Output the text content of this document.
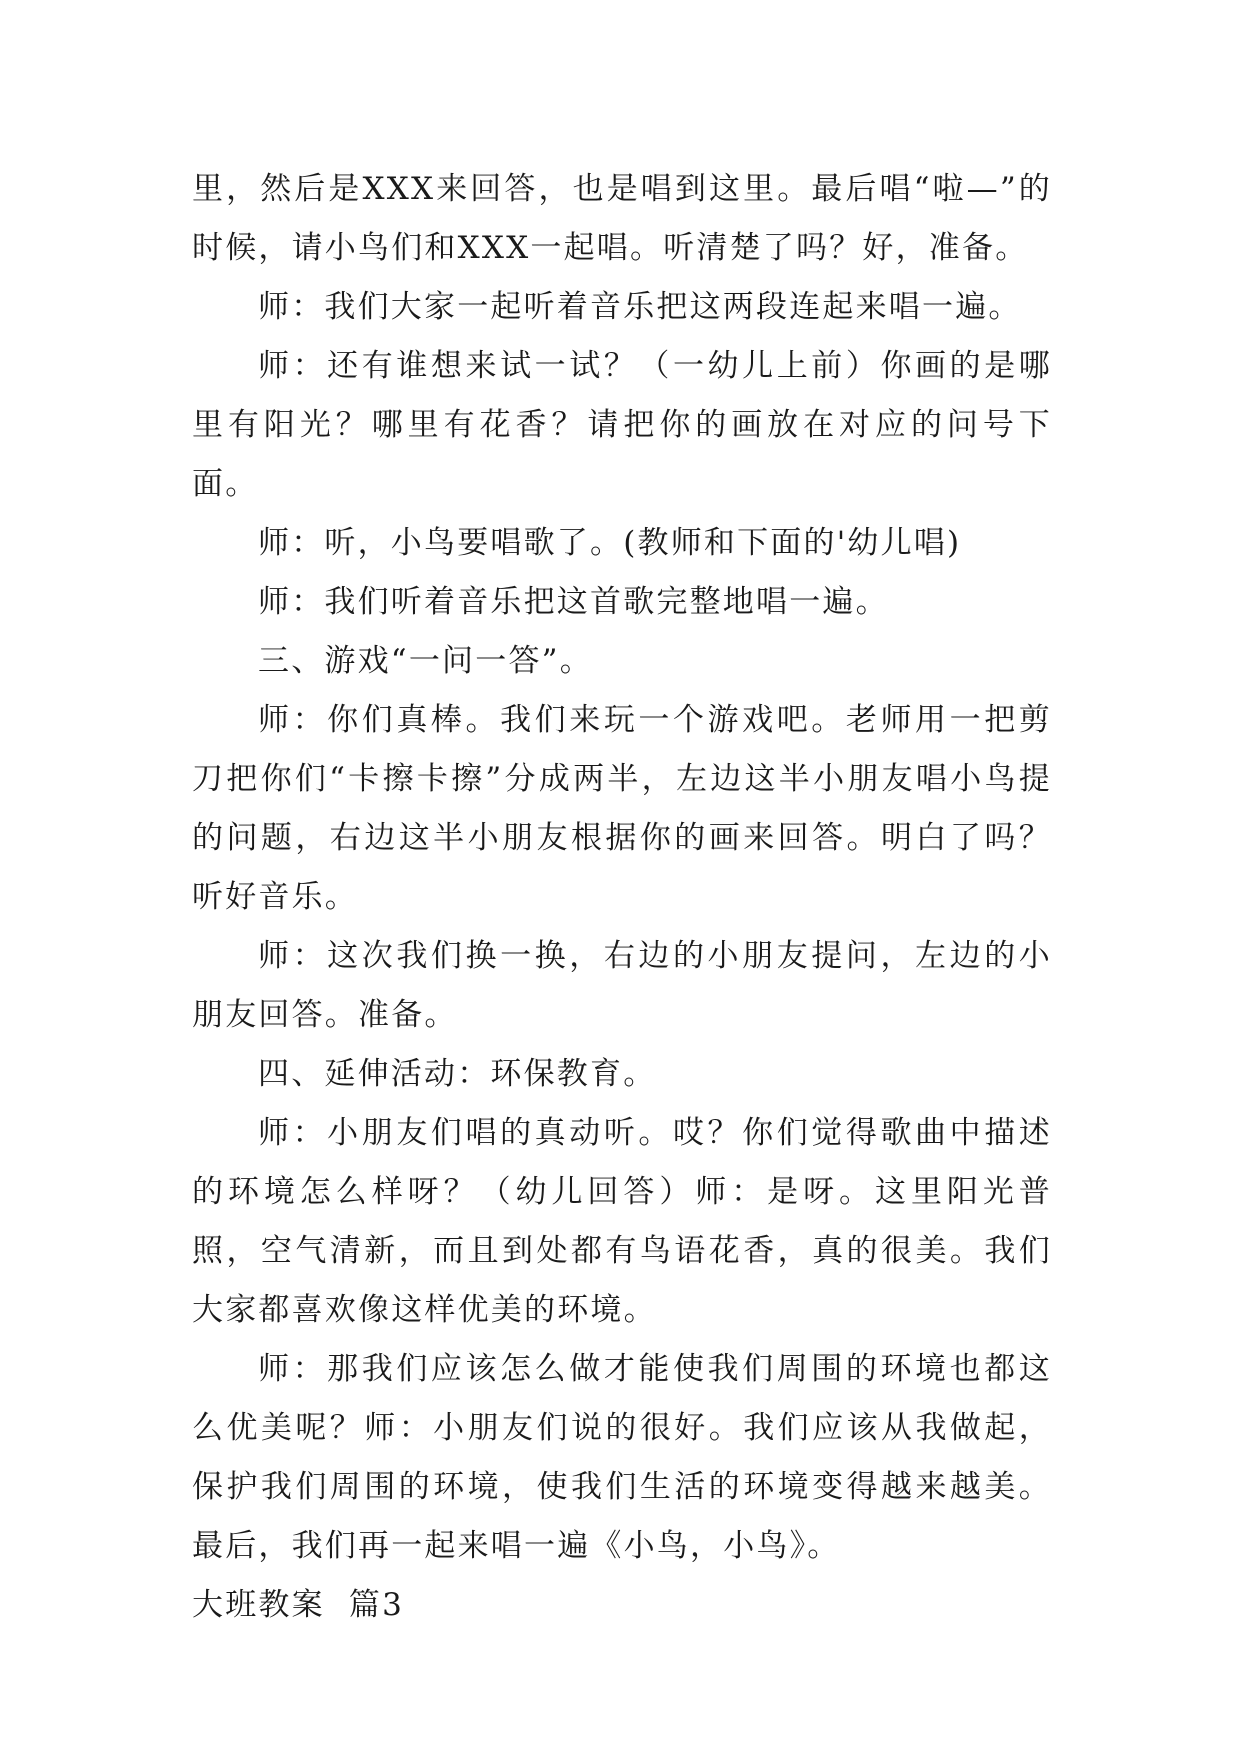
里，然后是XXX来回答，也是唱到这里。最后唱“啦—”的时候，请小鸟们和XXX一起唱。听清楚了吗？好，准备。

师：我们大家一起听着音乐把这两段连起来唱一遍。

师：还有谁想来试一试？（一幼儿上前）你画的是哪里有阳光？哪里有花香？请把你的画放在对应的问号下面。

师：听，小鸟要唱歌了。(教师和下面的'幼儿唱)

师：我们听着音乐把这首歌完整地唱一遍。

三、游戏“一问一答”。

师：你们真棒。我们来玩一个游戏吧。老师用一把剪刀把你们“卡擦卡擦”分成两半，左边这半小朋友唱小鸟提的问题，右边这半小朋友根据你的画来回答。明白了吗？听好音乐。

师：这次我们换一换，右边的小朋友提问，左边的小朋友回答。准备。

四、延伸活动：环保教育。

师：小朋友们唱的真动听。哎？你们觉得歌曲中描述的环境怎么样呀？（幼儿回答）师：是呀。这里阳光普照，空气清新，而且到处都有鸟语花香，真的很美。我们大家都喜欢像这样优美的环境。

师：那我们应该怎么做才能使我们周围的环境也都这么优美呢？师：小朋友们说的很好。我们应该从我做起，保护我们周围的环境，使我们生活的环境变得越来越美。最后，我们再一起来唱一遍《小鸟，小鸟》。

大班教案  篇3
